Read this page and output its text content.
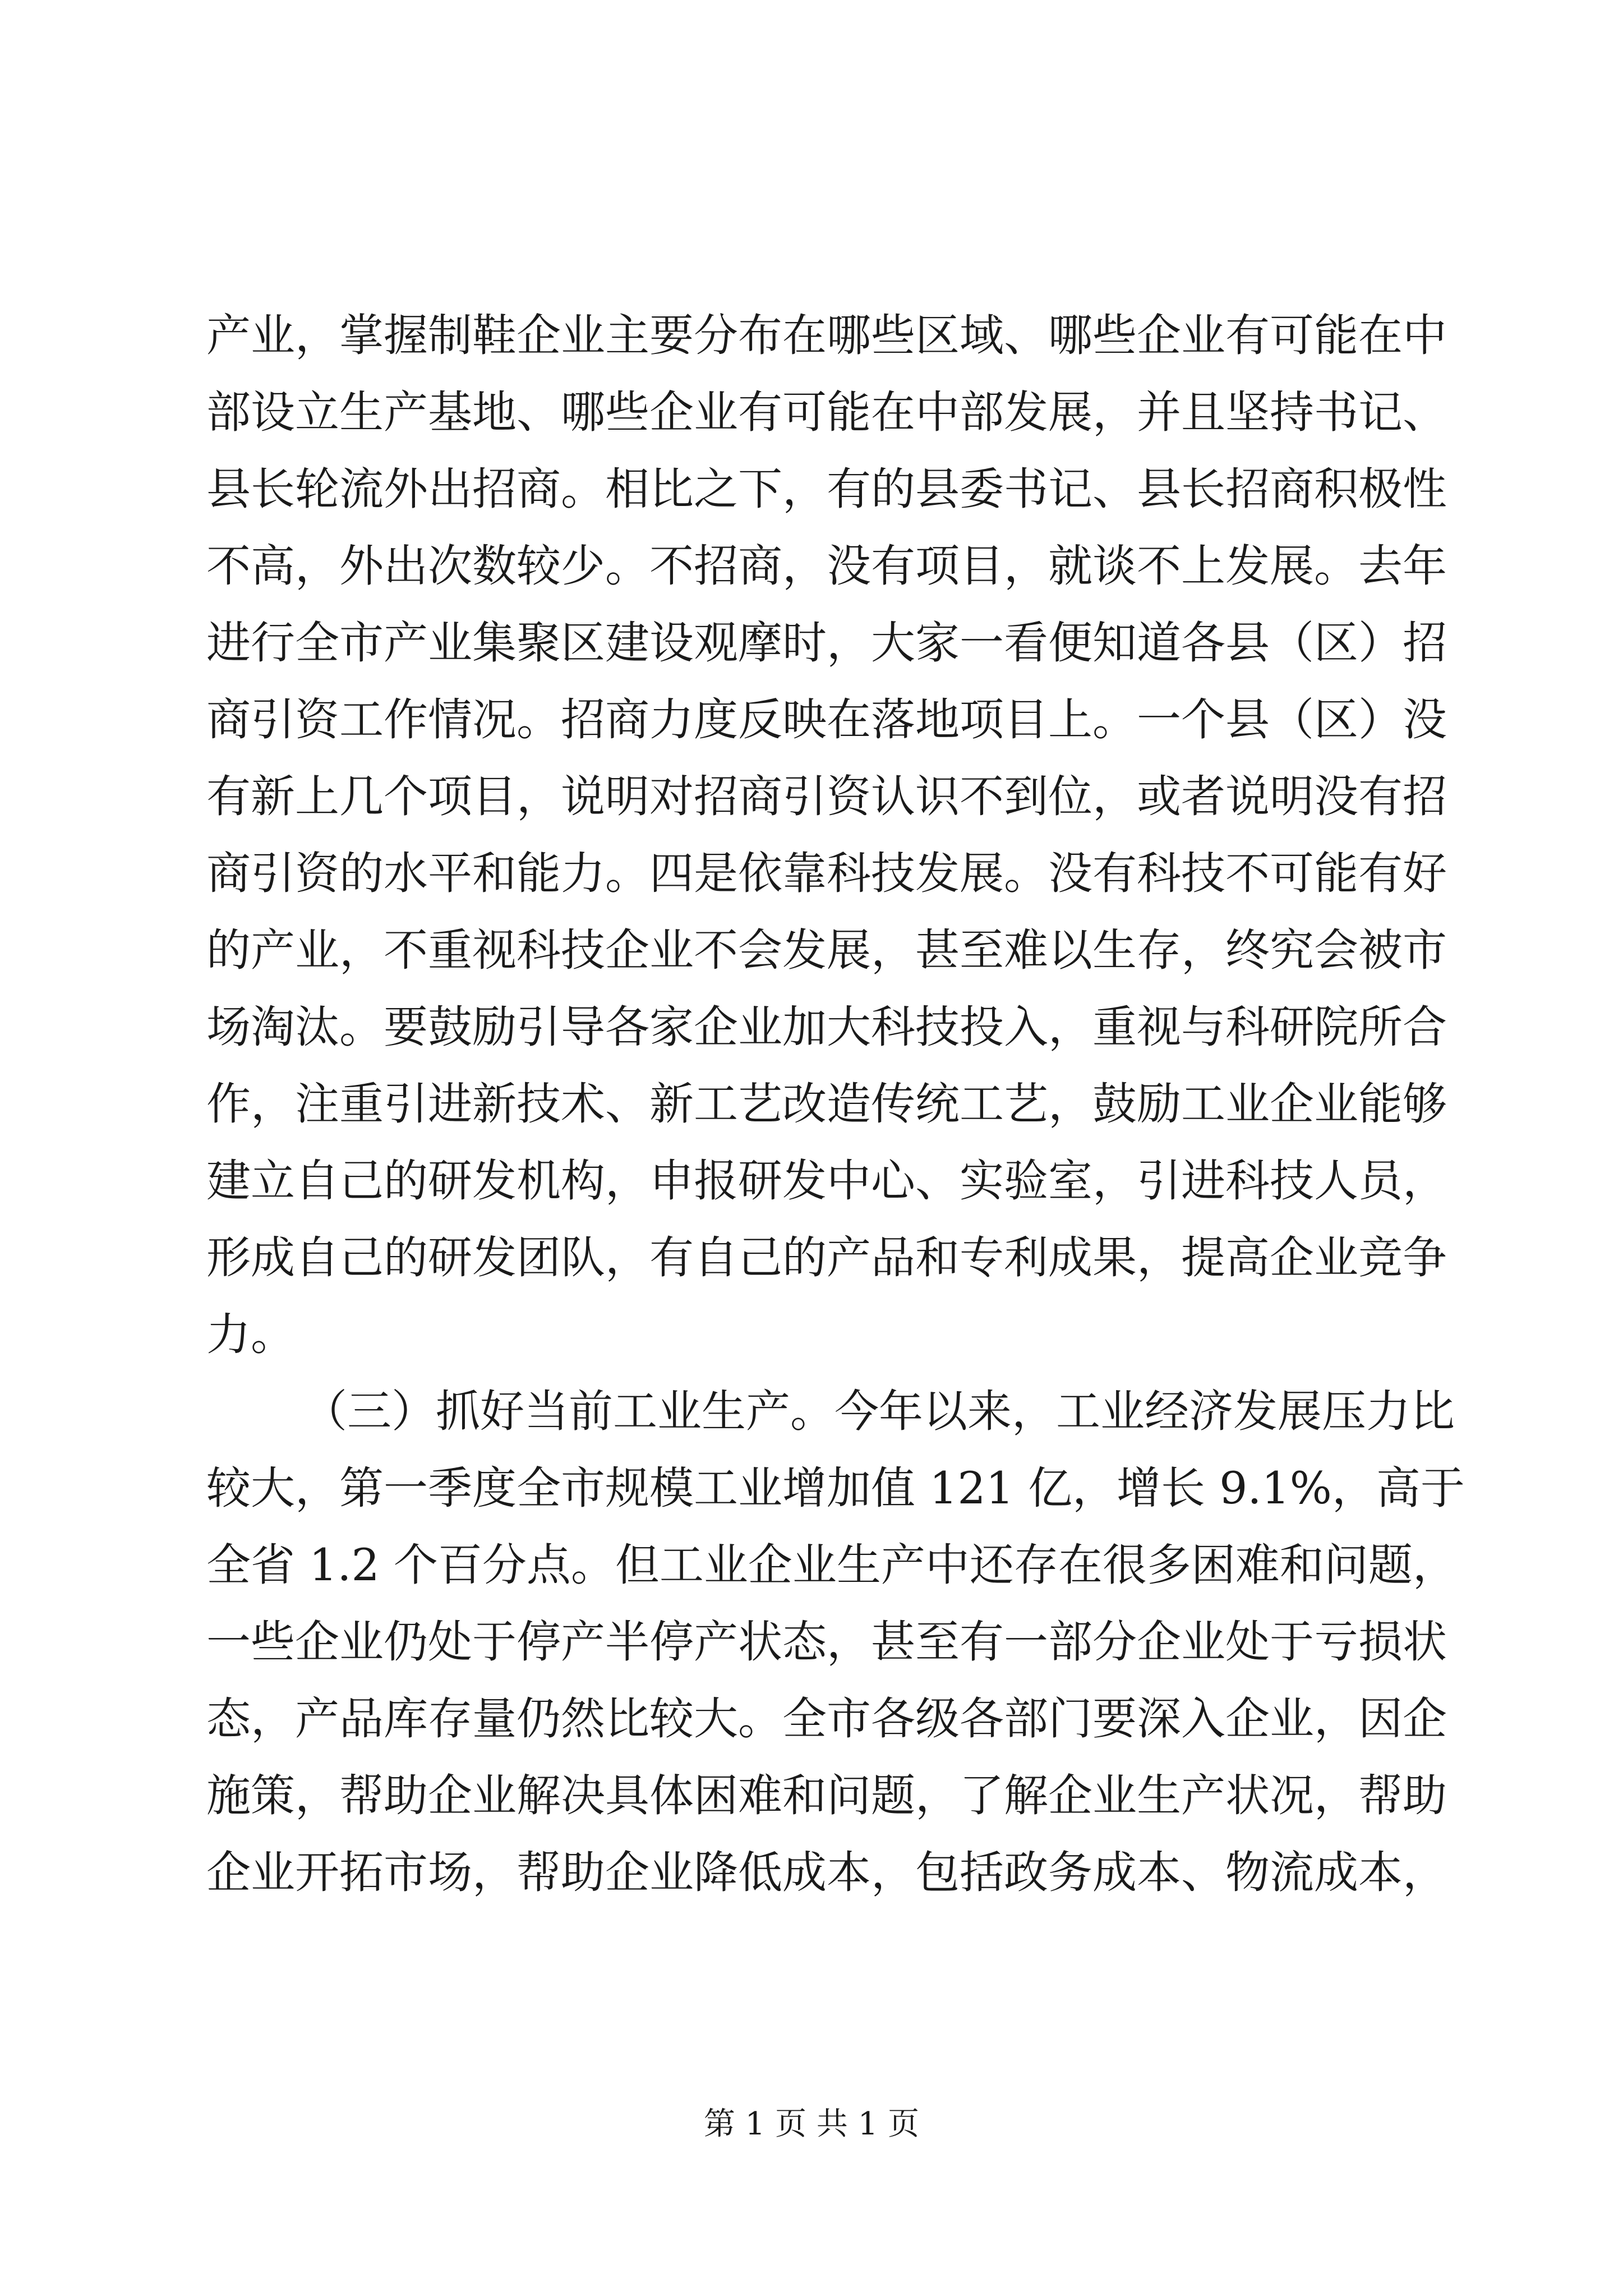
产业，掌握制鞋企业主要分布在哪些区域、哪些企业有可能在中
部设立生产基地、哪些企业有可能在中部发展，并且坚持书记、
县长轮流外出招商。相比之下，有的县委书记、县长招商积极性
不高，外出次数较少。不招商，没有项目，就谈不上发展。去年
进行全市产业集聚区建设观摩时，大家一看便知道各县（区）招
商引资工作情况。招商力度反映在落地项目上。一个县（区）没
有新上几个项目，说明对招商引资认识不到位，或者说明没有招
商引资的水平和能力。四是依靠科技发展。没有科技不可能有好
的产业，不重视科技企业不会发展，甚至难以生存，终究会被市
场淘汰。要鼓励引导各家企业加大科技投入，重视与科研院所合
作，注重引进新技术、新工艺改造传统工艺，鼓励工业企业能够
建立自己的研发机构，申报研发中心、实验室，引进科技人员，
形成自己的研发团队，有自己的产品和专利成果，提高企业竞争
力。
（三）抓好当前工业生产。今年以来，工业经济发展压力比
较大，第一季度全市规模工业增加值 121 亿，增长 9.1%，高于
全省 1.2 个百分点。但工业企业生产中还存在很多困难和问题，
一些企业仍处于停产半停产状态，甚至有一部分企业处于亏损状
态，产品库存量仍然比较大。全市各级各部门要深入企业，因企
施策，帮助企业解决具体困难和问题，了解企业生产状况，帮助
企业开拓市场，帮助企业降低成本，包括政务成本、物流成本，
第 1 页 共 1 页
